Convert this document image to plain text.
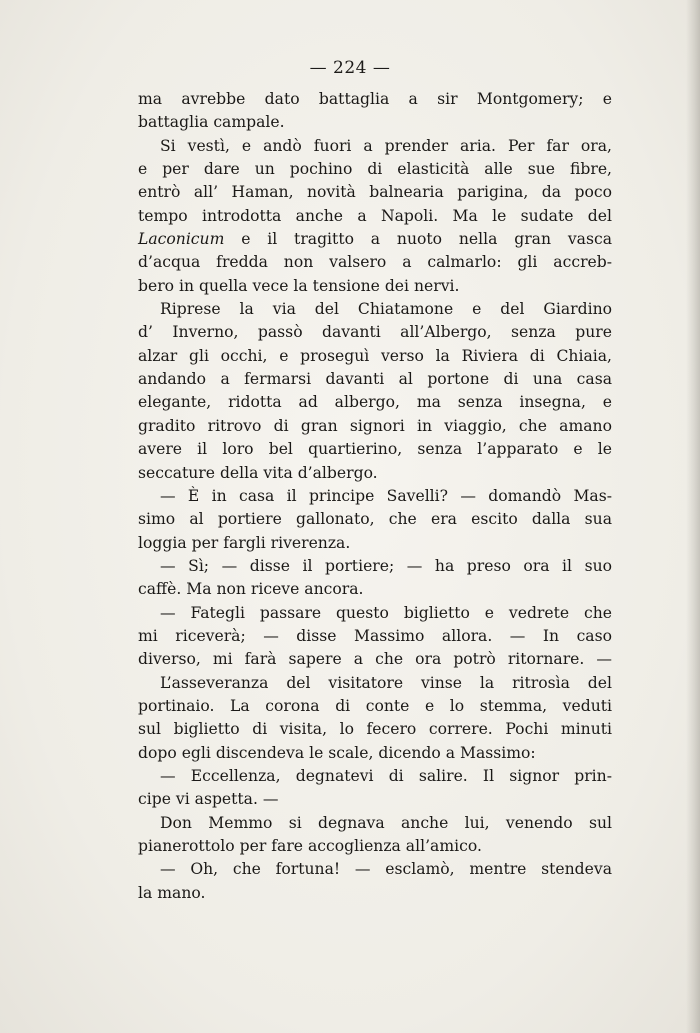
— 224 —
ma avrebbe dato battaglia a sir Montgomery; e
battaglia campale.
Si vestì, e andò fuori a prender aria. Per far ora,
e per dare un pochino di elasticità alle sue fibre,
entrò all’ Haman, novità balnearia parigina, da poco
tempo introdotta anche a Napoli. Ma le sudate del
Laconicum e il tragitto a nuoto nella gran vasca
d’acqua fredda non valsero a calmarlo: gli accreb-
bero in quella vece la tensione dei nervi.
Riprese la via del Chiatamone e del Giardino
d’ Inverno, passò davanti all’Albergo, senza pure
alzar gli occhi, e proseguì verso la Riviera di Chiaia,
andando a fermarsi davanti al portone di una casa
elegante, ridotta ad albergo, ma senza insegna, e
gradito ritrovo di gran signori in viaggio, che amano
avere il loro bel quartierino, senza l’apparato e le
seccature della vita d’albergo.
— È in casa il principe Savelli? — domandò Mas-
simo al portiere gallonato, che era escito dalla sua
loggia per fargli riverenza.
— Sì; — disse il portiere; — ha preso ora il suo
caffè. Ma non riceve ancora.
— Fategli passare questo biglietto e vedrete che
mi riceverà; — disse Massimo allora. — In caso
diverso, mi farà sapere a che ora potrò ritornare. —
L’asseveranza del visitatore vinse la ritrosìa del
portinaio. La corona di conte e lo stemma, veduti
sul biglietto di visita, lo fecero correre. Pochi minuti
dopo egli discendeva le scale, dicendo a Massimo:
— Eccellenza, degnatevi di salire. Il signor prin-
cipe vi aspetta. —
Don Memmo si degnava anche lui, venendo sul
pianerottolo per fare accoglienza all’amico.
— Oh, che fortuna! — esclamò, mentre stendeva
la mano.
